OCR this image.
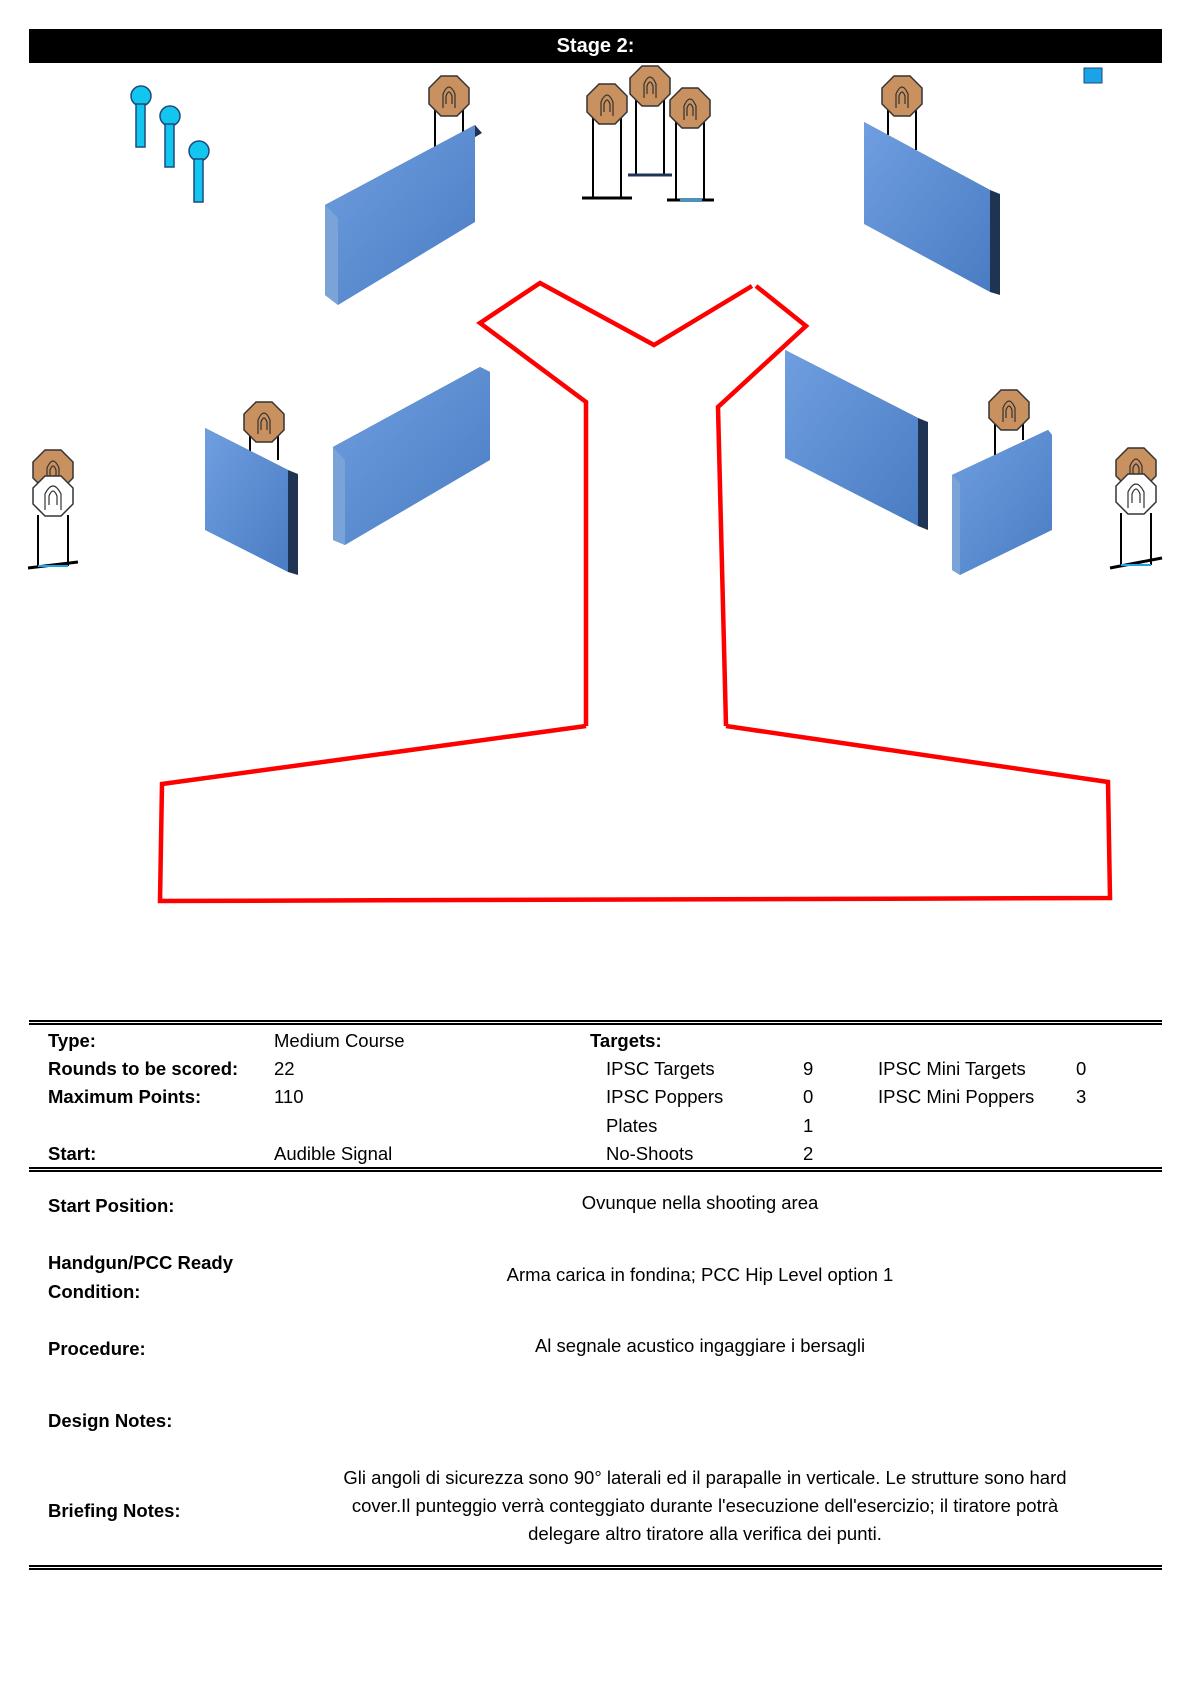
Stage 2:
Type:	Medium Course	Targets:
Rounds to be scored: 22	IPSC Targets	9	IPSC Mini Targets	0
Maximum Points:	110	IPSC Poppers	0	IPSC Mini Poppers 3
Plates	1
Start:	Audible Signal	No-Shoots	2
Start Position:	Ovunque nella shooting area
Handgun/PCC Ready
Condition:
Arma carica in fondina; PCC Hip Level option 1
Procedure:	Al segnale acustico ingaggiare i bersagli
Design Notes:
Briefing Notes:
Gli angoli di sicurezza sono 90° laterali ed il parapalle in verticale. Le strutture sono hard
cover.Il punteggio verrà conteggiato durante l'esecuzione dell'esercizio; il tiratore potrà
delegare altro tiratore alla verifica dei punti.
